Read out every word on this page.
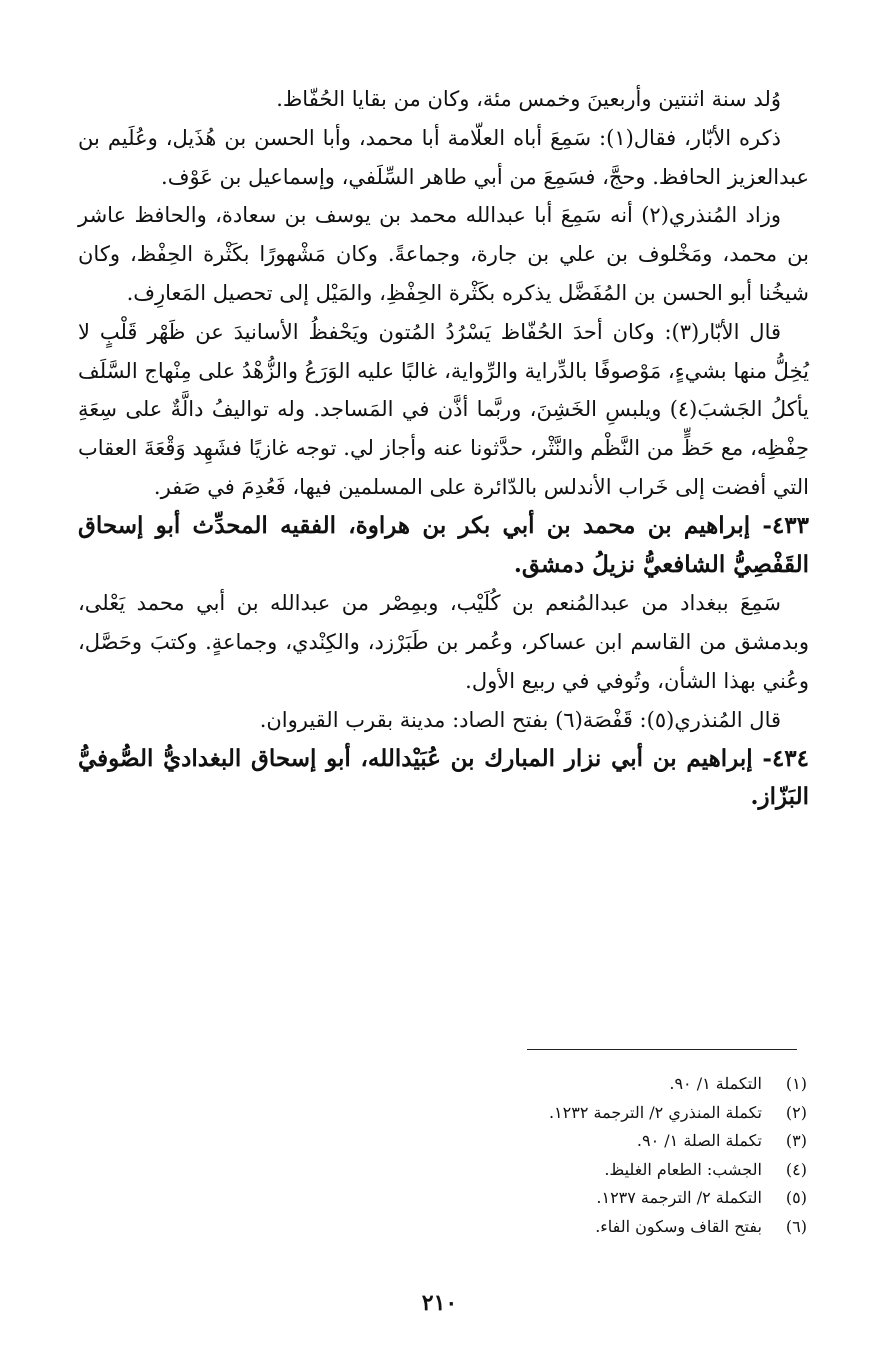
وُلد سنة اثنتين وأربعينَ وخمس مئة، وكان من بقايا الحُفّاظ.

ذكره الأبّار، فقال(١): سَمِعَ أباه العلّامة أبا محمد، وأبا الحسن بن هُذَيل، وعُلَيم بن عبدالعزيز الحافظ. وحجَّ، فسَمِعَ من أبي طاهر السِّلَفي، وإسماعيل بن عَوْف.

وزاد المُنذري(٢) أنه سَمِعَ أبا عبدالله محمد بن يوسف بن سعادة، والحافظ عاشر بن محمد، ومَخْلوف بن علي بن جارة، وجماعةً. وكان مَشْهورًا بكَثْرة الحِفْظ، وكان شيخُنا أبو الحسن بن المُفَضَّل يذكره بكَثْرة الحِفْظِ، والمَيْل إلى تحصيل المَعارِف.

قال الأبّار(٣): وكان أحدَ الحُفّاظ يَسْرُدُ المُتون ويَحْفظُ الأسانيدَ عن ظَهْر قَلْبٍ لا يُخِلُّ منها بشيءٍ، مَوْصوفًا بالدِّراية والرِّواية، غالبًا عليه الوَرَعُ والزُّهْدُ على مِنْهاج السَّلَف يأكلُ الجَشبَ(٤) ويلبسِ الخَشِنَ، وربَّما أذَّن في المَساجد. وله تواليفُ دالَّةٌ على سِعَةِ حِفْظِه، مع حَظٍّ من النَّظْم والنَّثْر، حدَّثونا عنه وأجاز لي. توجه غازيًا فشَهِد وَقْعَةَ العقاب التي أفضت إلى خَراب الأندلس بالدّائرة على المسلمين فيها، فَعُدِمَ في صَفر.

٤٣٣- إبراهيم بن محمد بن أبي بكر بن هراوة، الفقيه المحدِّث أبو إسحاق القَفْصِيُّ الشافعيُّ نزيلُ دمشق.

سَمِعَ ببغداد من عبدالمُنعم بن كُلَيْب، وبمِصْر من عبدالله بن أبي محمد يَعْلى، وبدمشق من القاسم ابن عساكر، وعُمر بن طَبَرْزد، والكِنْدي، وجماعةٍ. وكتبَ وحَصَّل، وعُني بهذا الشأن، وتُوفي في ربيع الأول.

قال المُنذري(٥): قَفْصَة(٦) بفتح الصاد: مدينة بقرب القيروان.

٤٣٤- إبراهيم بن أبي نزار المبارك بن عُبَيْدالله، أبو إسحاق البغداديُّ الصُّوفيُّ البَزّاز.

(١) التكملة ١/ ٩٠.
(٢) تكملة المنذري ٢/ الترجمة ١٢٣٢.
(٣) تكملة الصلة ١/ ٩٠.
(٤) الجشب: الطعام الغليظ.
(٥) التكملة ٢/ الترجمة ١٢٣٧.
(٦) بفتح القاف وسكون الفاء.
٢١٠
